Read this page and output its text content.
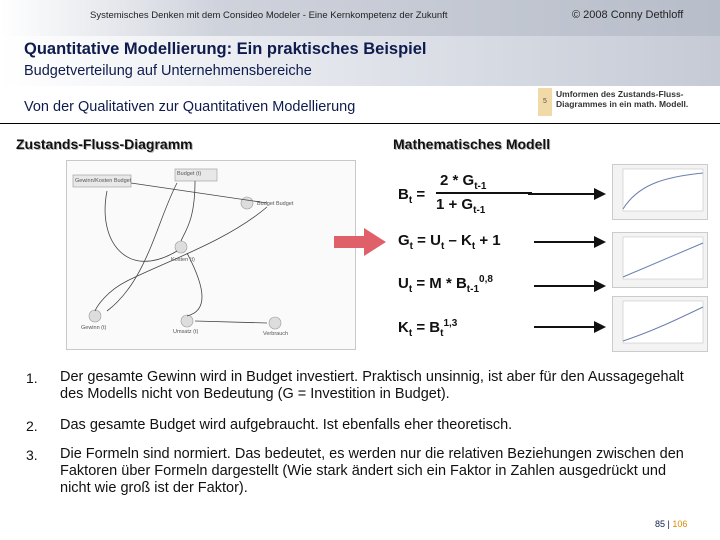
Systemisches Denken mit dem Consideo Modeler - Eine Kernkompetenz der Zukunft	© 2008 Conny Dethloff
Quantitative Modellierung: Ein praktisches Beispiel
Budgetverteilung auf Unternehmensbereiche
Von der Qualitativen zur Quantitativen Modellierung	5
Umformen des Zustands-Fluss-Diagrammes in ein math. Modell.
Zustands-Fluss-Diagramm	Mathematisches Modell
Gewinn/Kosten Budget
Budget (t)
Budget Budget
Kosten (t)
Gewinn (t)
Verbrauch
Umsatz (t)
$B_t$ =
$2 * G_{t-1}$
$1 + G_{t-1}$
$G_t = U_t - K_t + 1$
$U_t = M * B_{t-1}^{0,8}$
$K_t = B_t^{1,3}$
1. Der gesamte Gewinn wird in Budget investiert. Praktisch unsinnig, ist aber für den Aussagegehalt des Modells nicht von Bedeutung (G = Investition in Budget).
2. Das gesamte Budget wird aufgebraucht. Ist ebenfalls eher theoretisch.
3. Die Formeln sind normiert. Das bedeutet, es werden nur die relativen Beziehungen zwischen den Faktoren über Formeln dargestellt (Wie stark ändert sich ein Faktor in Zahlen ausgedrückt und nicht wie groß ist der Faktor).
85 | 106
